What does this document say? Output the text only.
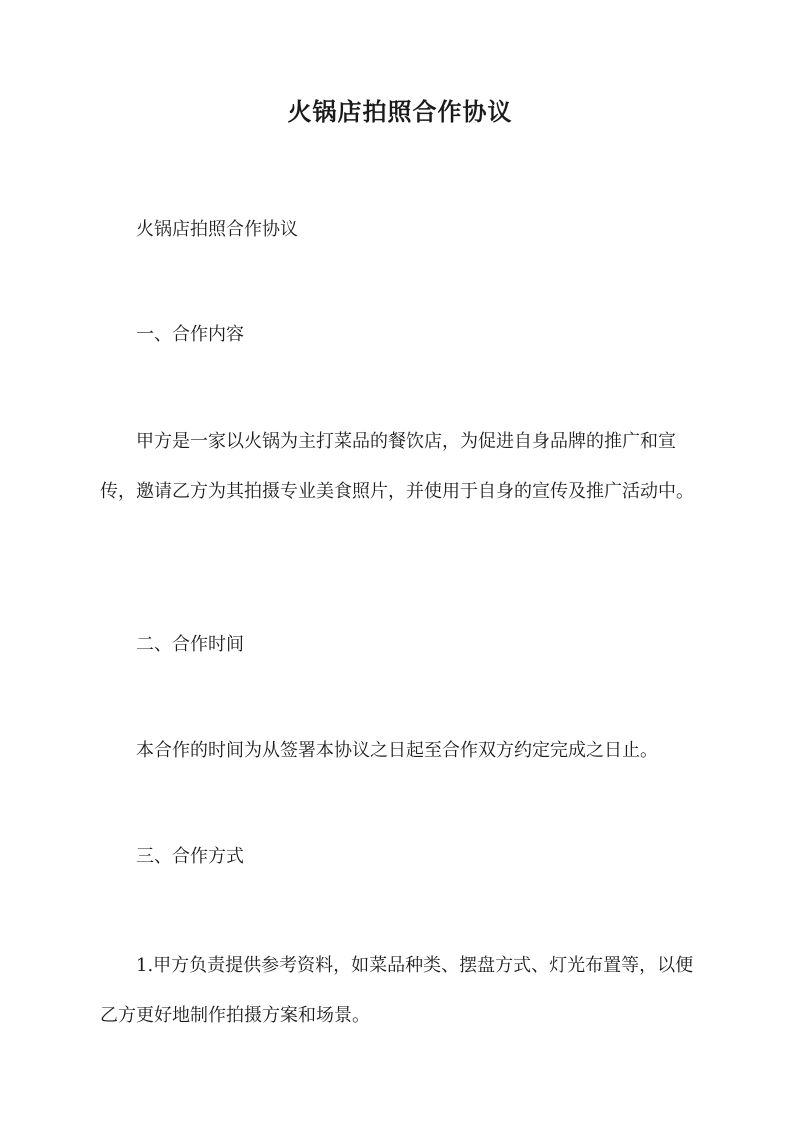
火锅店拍照合作协议

火锅店拍照合作协议

一、合作内容

甲方是一家以火锅为主打菜品的餐饮店，为促进自身品牌的推广和宣传，邀请乙方为其拍摄专业美食照片，并使用于自身的宣传及推广活动中。

二、合作时间

本合作的时间为从签署本协议之日起至合作双方约定完成之日止。

三、合作方式

1.甲方负责提供参考资料，如菜品种类、摆盘方式、灯光布置等，以便乙方更好地制作拍摄方案和场景。
